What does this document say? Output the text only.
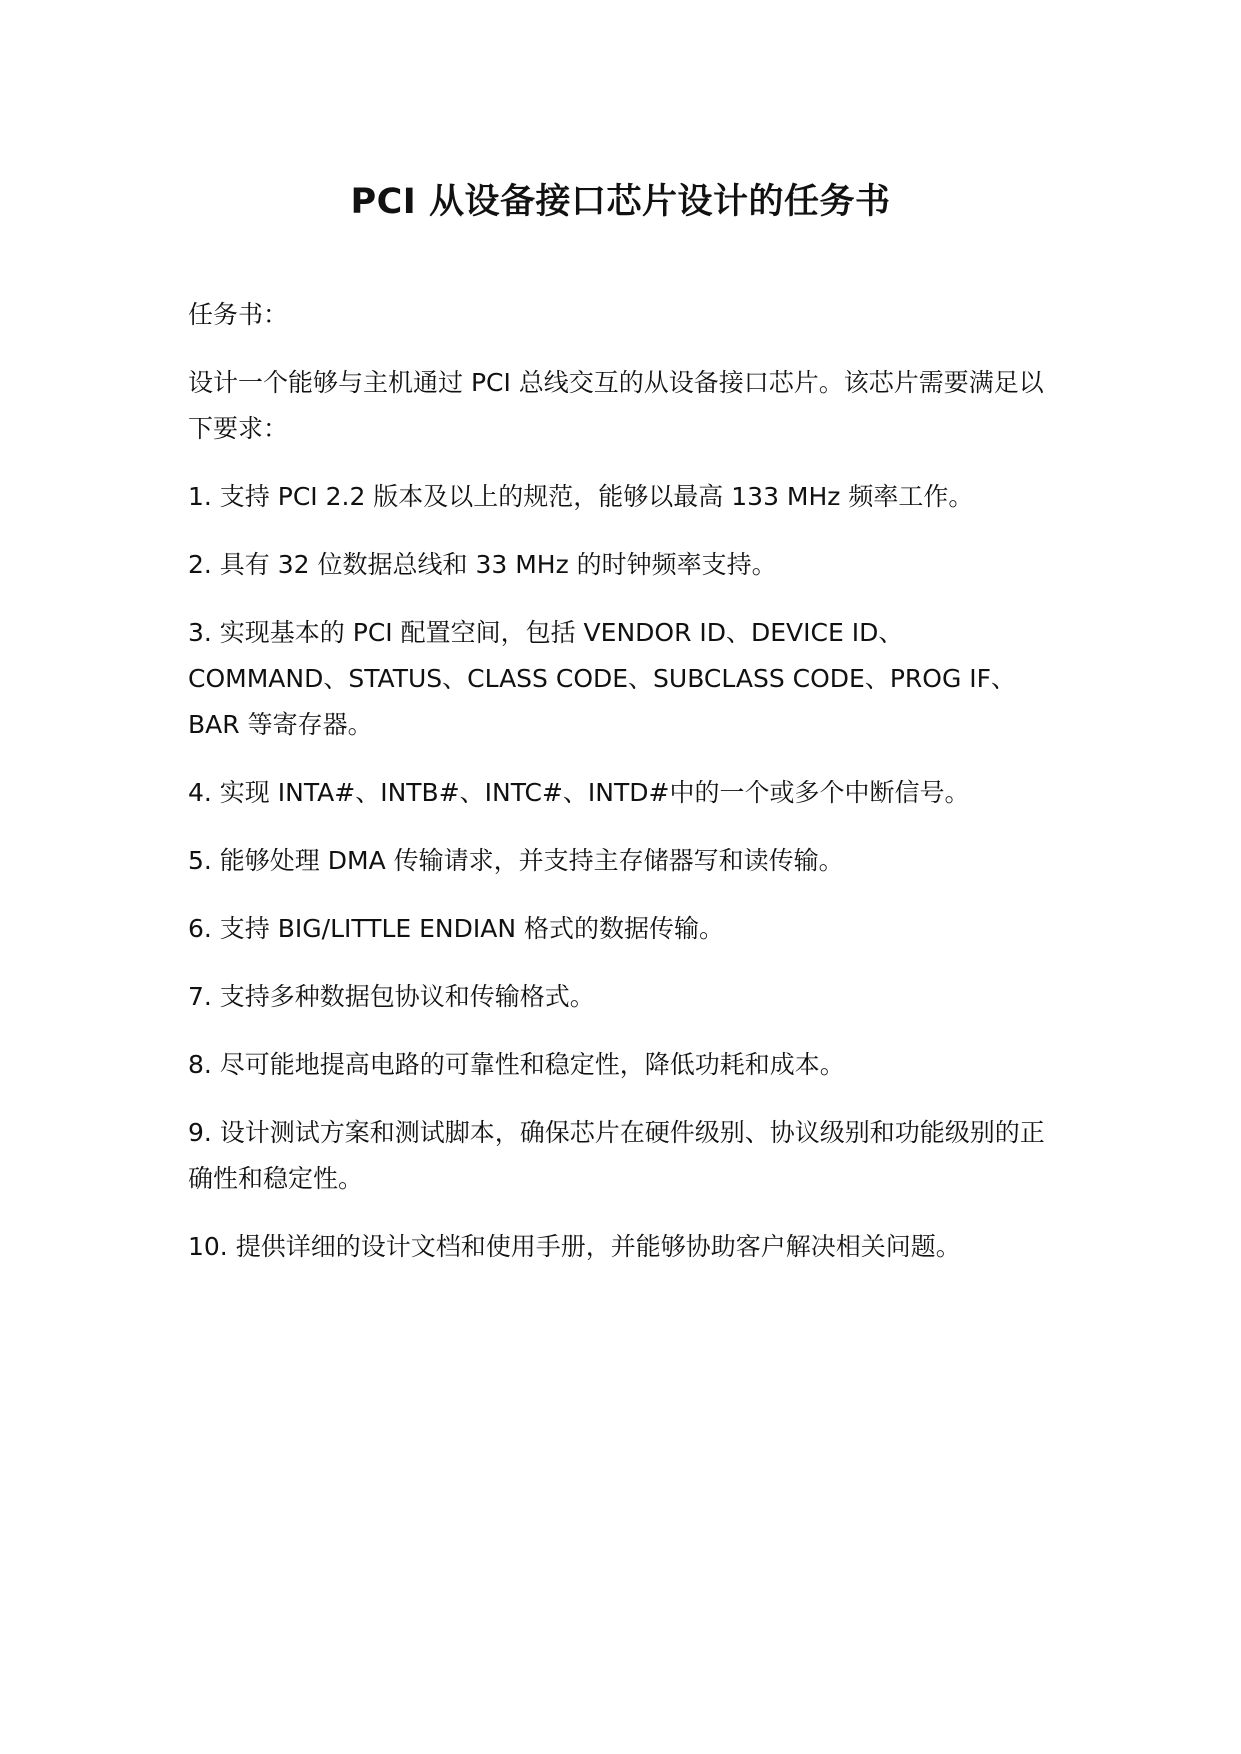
PCI 从设备接口芯片设计的任务书

任务书：

设计一个能够与主机通过 PCI 总线交互的从设备接口芯片。该芯片需要满足以下要求：

1. 支持 PCI 2.2 版本及以上的规范，能够以最高 133 MHz 频率工作。

2. 具有 32 位数据总线和 33 MHz 的时钟频率支持。

3. 实现基本的 PCI 配置空间，包括 VENDOR ID、DEVICE ID、COMMAND、STATUS、CLASS CODE、SUBCLASS CODE、PROG IF、BAR 等寄存器。

4. 实现 INTA#、INTB#、INTC#、INTD#中的一个或多个中断信号。

5. 能够处理 DMA 传输请求，并支持主存储器写和读传输。

6. 支持 BIG/LITTLE ENDIAN 格式的数据传输。

7. 支持多种数据包协议和传输格式。

8. 尽可能地提高电路的可靠性和稳定性，降低功耗和成本。

9. 设计测试方案和测试脚本，确保芯片在硬件级别、协议级别和功能级别的正确性和稳定性。

10. 提供详细的设计文档和使用手册，并能够协助客户解决相关问题。
